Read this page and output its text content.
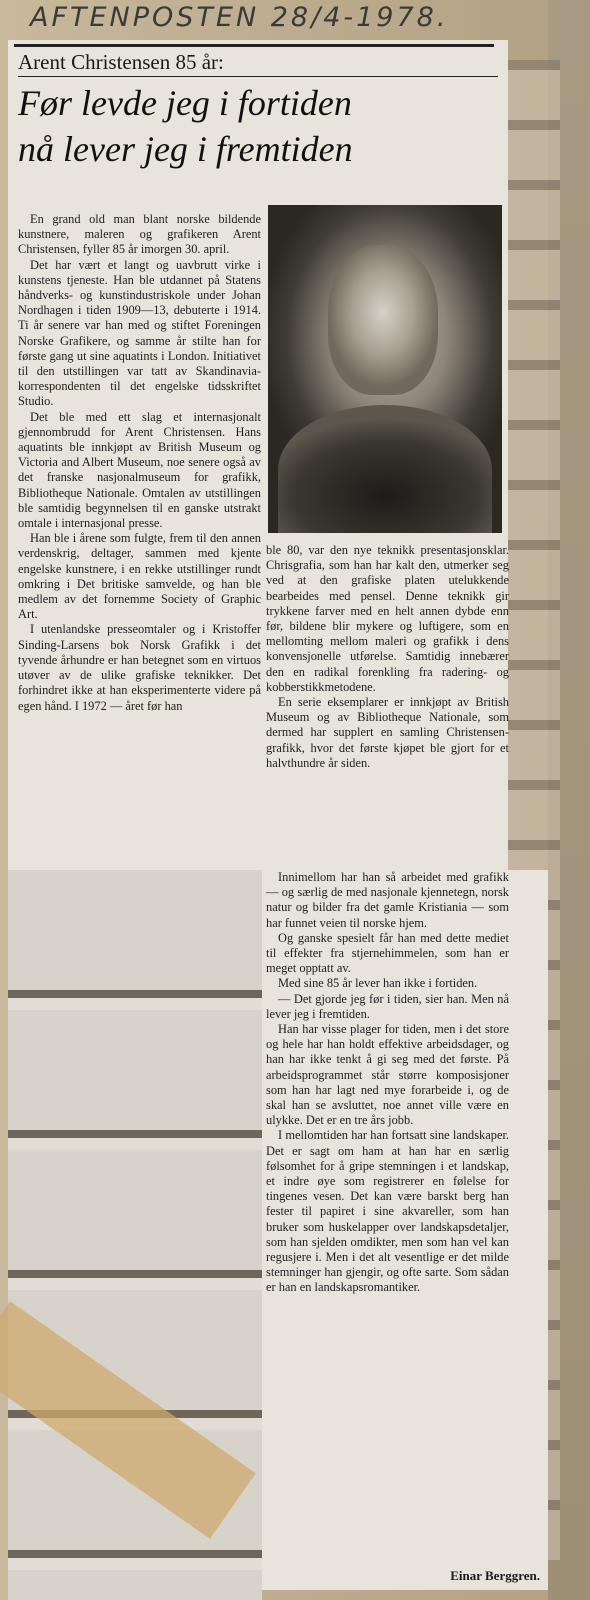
AFTENPOSTEN 28/4-1978.
Arent Christensen 85 år:
Før levde jeg i fortiden
nå lever jeg i fremtiden

En grand old man blant norske bildende kunstnere, maleren og grafikeren Arent Christensen, fyller 85 år imorgen 30. april.

Det har vært et langt og uavbrutt virke i kunstens tjeneste. Han ble utdannet på Statens håndverks- og kunstindustriskole under Johan Nordhagen i tiden 1909—13, debuterte i 1914. Ti år senere var han med og stiftet Foreningen Norske Grafikere, og samme år stilte han for første gang ut sine aquatints i London. Initiativet til den utstillingen var tatt av Skandinavia-korrespondenten til det engelske tidsskriftet Studio.

Det ble med ett slag et internasjonalt gjennombrudd for Arent Christensen. Hans aquatints ble innkjøpt av British Museum og Victoria and Albert Museum, noe senere også av det franske nasjonalmuseum for grafikk, Bibliotheque Nationale. Omtalen av utstillingen ble samtidig begynnelsen til en ganske utstrakt omtale i internasjonal presse.

Han ble i årene som fulgte, frem til den annen verdenskrig, deltager, sammen med kjente engelske kunstnere, i en rekke utstillinger rundt omkring i Det britiske samvelde, og han ble medlem av det fornemme Society of Graphic Art.

I utenlandske presseomtaler og i Kristoffer Sinding-Larsens bok Norsk Grafikk i det tyvende århundre er han betegnet som en virtuos utøver av de ulike grafiske teknikker. Det forhindret ikke at han eksperimenterte videre på egen hånd. I 1972 — året før han

ble 80, var den nye teknikk presentasjonsklar. Chrisgrafia, som han har kalt den, utmerker seg ved at den grafiske platen utelukkende bearbeides med pensel. Denne teknikk gir trykkene farver med en helt annen dybde enn før, bildene blir mykere og luftigere, som en mellomting mellom maleri og grafikk i dens konvensjonelle utførelse. Samtidig innebærer den en radikal forenkling fra radering- og kobberstikkmetodene.

En serie eksemplarer er innkjøpt av British Museum og av Bibliotheque Nationale, som dermed har supplert en samling Christensen-grafikk, hvor det første kjøpet ble gjort for et halvthundre år siden.

Innimellom har han så arbeidet med grafikk — og særlig de med nasjonale kjennetegn, norsk natur og bilder fra det gamle Kristiania — som har funnet veien til norske hjem.

Og ganske spesielt får han med dette mediet til effekter fra stjernehimmelen, som han er meget opptatt av.

Med sine 85 år lever han ikke i fortiden.

— Det gjorde jeg før i tiden, sier han. Men nå lever jeg i fremtiden.

Han har visse plager for tiden, men i det store og hele har han holdt effektive arbeidsdager, og han har ikke tenkt å gi seg med det første. På arbeidsprogrammet står større komposisjoner som han har lagt ned mye forarbeide i, og de skal han se avsluttet, noe annet ville være en ulykke. Det er en tre års jobb.

I mellomtiden har han fortsatt sine landskaper. Det er sagt om ham at han har en særlig følsomhet for å gripe stemningen i et landskap, et indre øye som registrerer en følelse for tingenes vesen. Det kan være barskt berg han fester til papiret i sine akvareller, som han bruker som huskelapper over landskapsdetaljer, som han sjelden omdikter, men som han vel kan regusjere i. Men i det alt vesentlige er det milde stemninger han gjengir, og ofte sarte. Som sådan er han en landskapsromantiker.

Einar Berggren.
